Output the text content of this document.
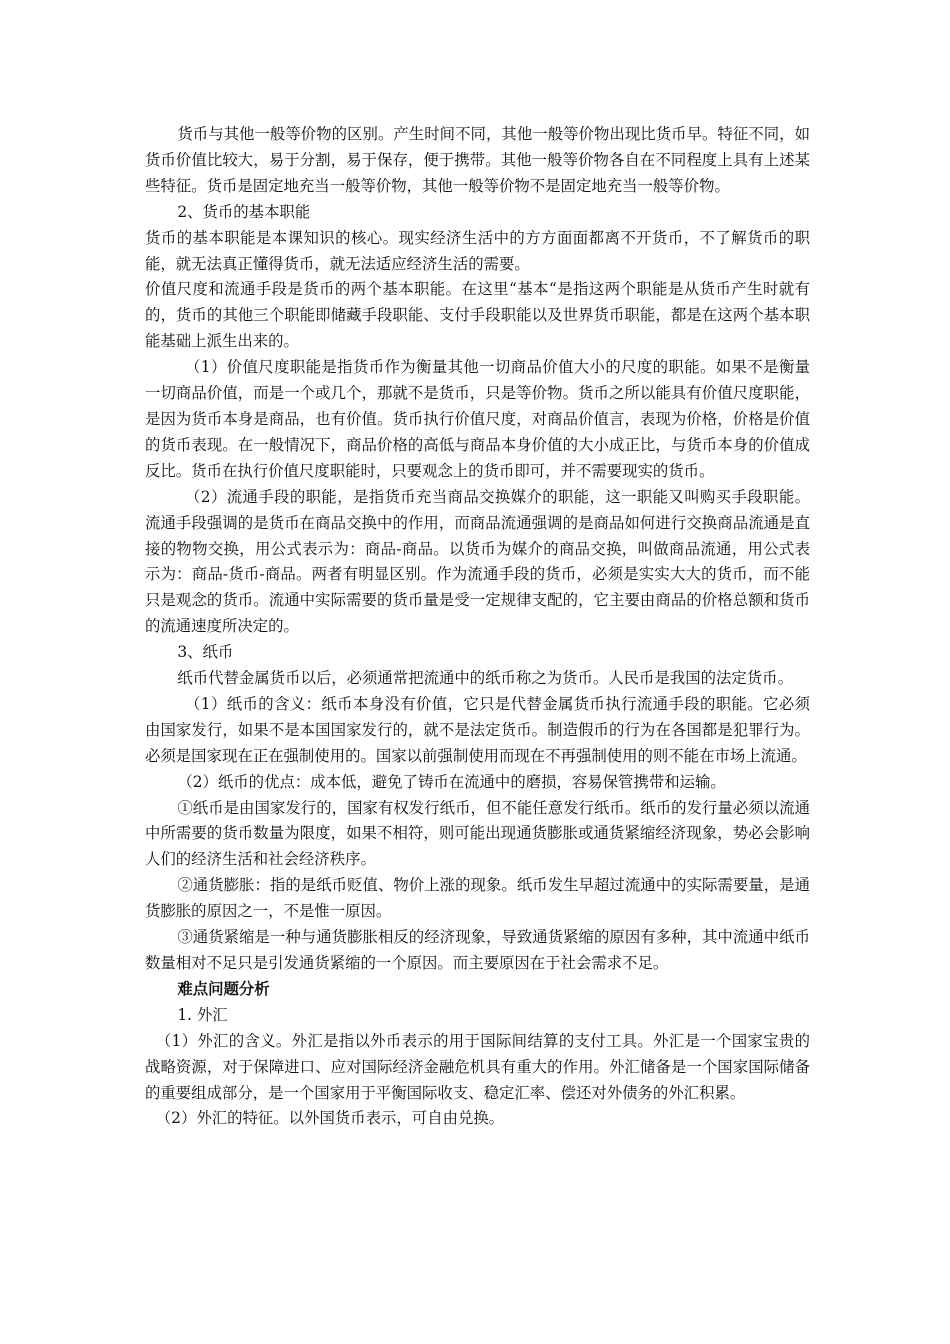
货币与其他一般等价物的区别。产生时间不同，其他一般等价物出现比货币早。特征不同，如货币价值比较大，易于分割，易于保存，便于携带。其他一般等价物各自在不同程度上具有上述某些特征。货币是固定地充当一般等价物，其他一般等价物不是固定地充当一般等价物。

2、货币的基本职能

货币的基本职能是本课知识的核心。现实经济生活中的方方面面都离不开货币，不了解货币的职能，就无法真正懂得货币，就无法适应经济生活的需要。

价值尺度和流通手段是货币的两个基本职能。在这里“基本“是指这两个职能是从货币产生时就有的，货币的其他三个职能即储藏手段职能、支付手段职能以及世界货币职能，都是在这两个基本职能基础上派生出来的。

（1）价值尺度职能是指货币作为衡量其他一切商品价值大小的尺度的职能。如果不是衡量一切商品价值，而是一个或几个，那就不是货币，只是等价物。货币之所以能具有价值尺度职能，是因为货币本身是商品，也有价值。货币执行价值尺度，对商品价值言，表现为价格，价格是价值的货币表现。在一般情况下，商品价格的高低与商品本身价值的大小成正比，与货币本身的价值成反比。货币在执行价值尺度职能时，只要观念上的货币即可，并不需要现实的货币。

（2）流通手段的职能，是指货币充当商品交换媒介的职能，这一职能又叫购买手段职能。流通手段强调的是货币在商品交换中的作用，而商品流通强调的是商品如何进行交换商品流通是直接的物物交换，用公式表示为：商品-商品。以货币为媒介的商品交换，叫做商品流通，用公式表示为：商品-货币-商品。两者有明显区别。作为流通手段的货币，必须是实实大大的货币，而不能只是观念的货币。流通中实际需要的货币量是受一定规律支配的，它主要由商品的价格总额和货币的流通速度所决定的。

3、纸币

纸币代替金属货币以后，必须通常把流通中的纸币称之为货币。人民币是我国的法定货币。

（1）纸币的含义：纸币本身没有价值，它只是代替金属货币执行流通手段的职能。它必须由国家发行，如果不是本国国家发行的，就不是法定货币。制造假币的行为在各国都是犯罪行为。必须是国家现在正在强制使用的。国家以前强制使用而现在不再强制使用的则不能在市场上流通。

（2）纸币的优点：成本低，避免了铸币在流通中的磨损，容易保管携带和运输。

①纸币是由国家发行的，国家有权发行纸币，但不能任意发行纸币。纸币的发行量必须以流通中所需要的货币数量为限度，如果不相符，则可能出现通货膨胀或通货紧缩经济现象，势必会影响人们的经济生活和社会经济秩序。

②通货膨胀：指的是纸币贬值、物价上涨的现象。纸币发生早超过流通中的实际需要量，是通货膨胀的原因之一，不是惟一原因。

③通货紧缩是一种与通货膨胀相反的经济现象，导致通货紧缩的原因有多种，其中流通中纸币数量相对不足只是引发通货紧缩的一个原因。而主要原因在于社会需求不足。

难点问题分析

1. 外汇

（1）外汇的含义。外汇是指以外币表示的用于国际间结算的支付工具。外汇是一个国家宝贵的战略资源，对于保障进口、应对国际经济金融危机具有重大的作用。外汇储备是一个国家国际储备的重要组成部分，是一个国家用于平衡国际收支、稳定汇率、偿还对外债务的外汇积累。

（2）外汇的特征。以外国货币表示，可自由兑换。
